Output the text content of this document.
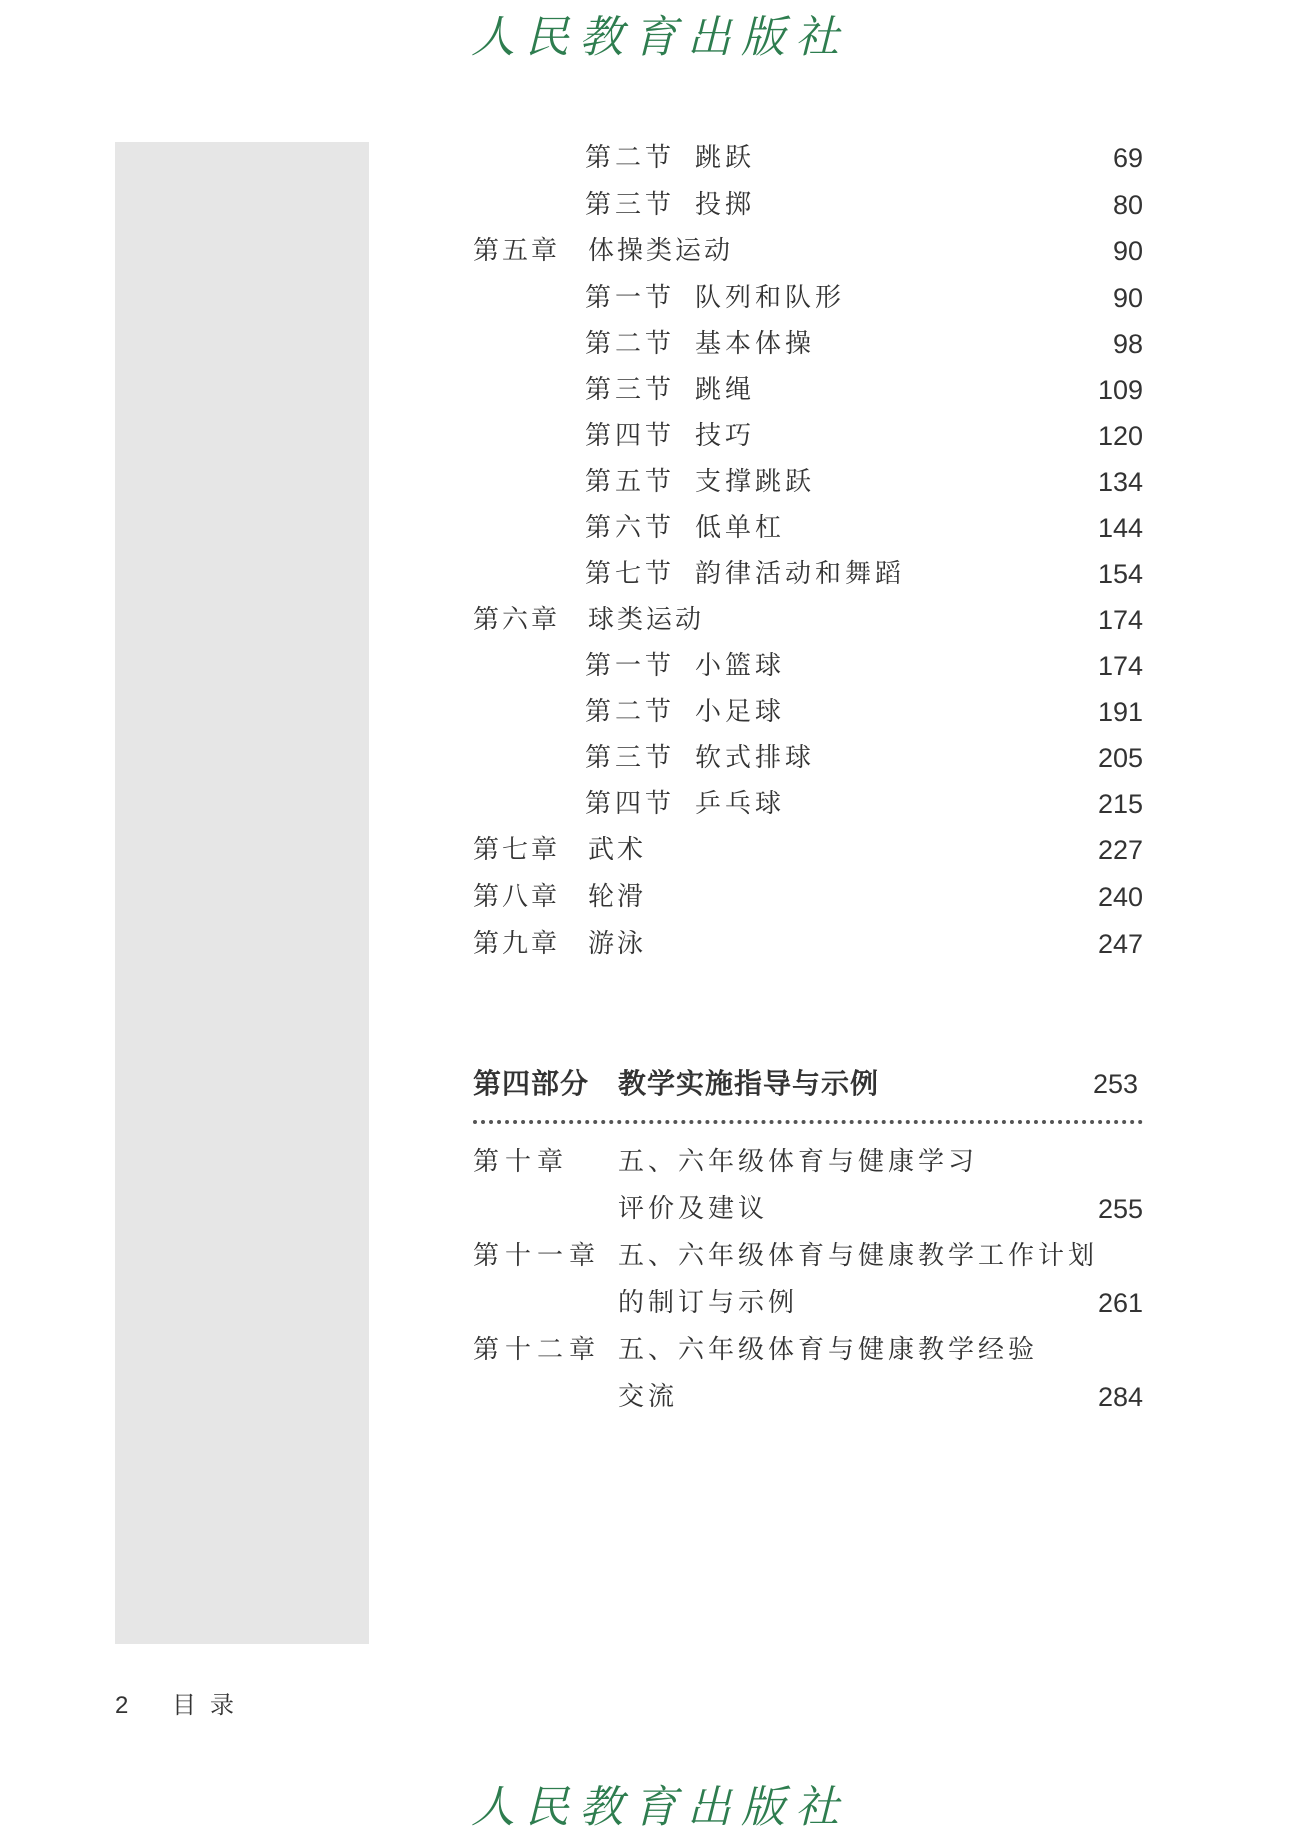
人民教育出版社
第二节 跳跃	69
第三节 投掷	80
第五章 体操类运动	90
第一节 队列和队形	90
第二节 基本体操	98
第三节 跳绳	109
第四节 技巧	120
第五节 支撑跳跃	134
第六节 低单杠	144
第七节 韵律活动和舞蹈	154
第六章 球类运动	174
第一节 小篮球	174
第二节 小足球	191
第三节 软式排球	205
第四节 乒乓球	215
第七章 武术	227
第八章 轮滑	240
第九章 游泳	247
第四部分　教学实施指导与示例	253
第十章 五、六年级体育与健康学习
评价及建议	255
第十一章 五、六年级体育与健康教学工作计划
的制订与示例	261
第十二章 五、六年级体育与健康教学经验
交流	284
2 目录
人民教育出版社
